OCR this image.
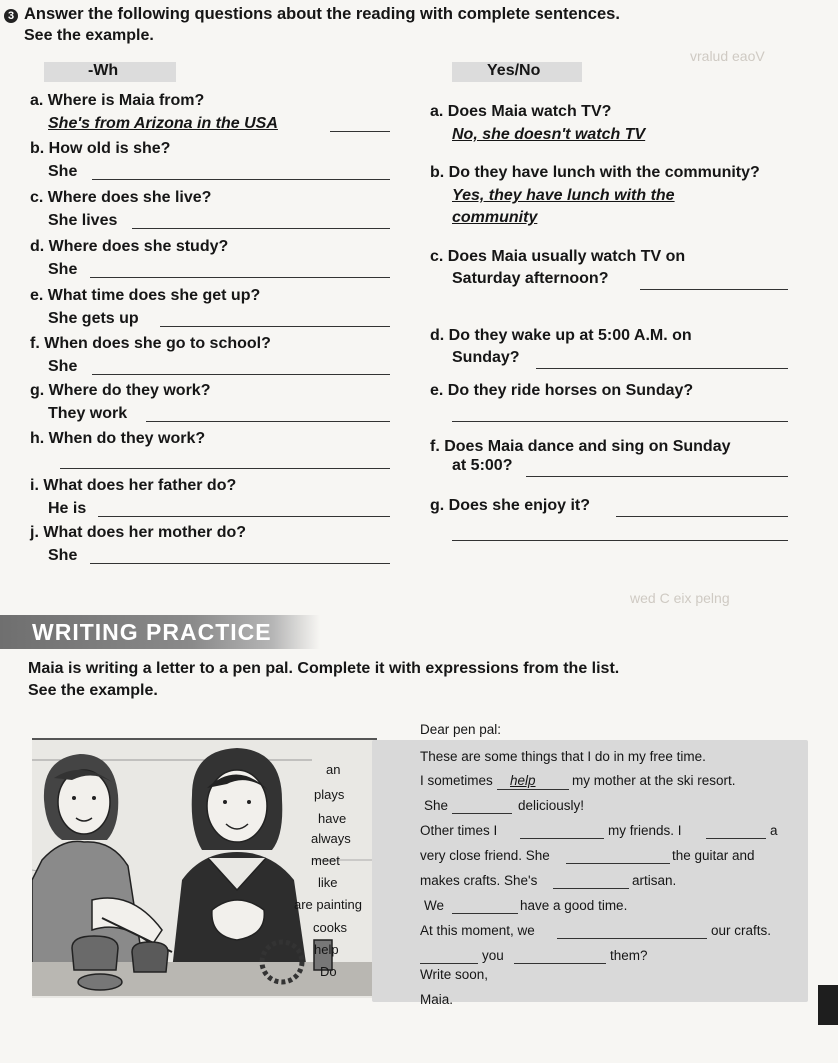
3 Answer the following questions about the reading with complete sentences.
See the example.
-Wh	Yes/No
a. Where is Maia from?
She's from Arizona in the USA
b. How old is she?
She
c. Where does she live?
She lives
d. Where does she study?
She
e. What time does she get up?
She gets up
f. When does she go to school?
She
g. Where do they work?
They work
h. When do they work?
i. What does her father do?
He is
j. What does her mother do?
She
a. Does Maia watch TV?
No, she doesn't watch TV
b. Do they have lunch with the community?
Yes, they have lunch with the
community
c. Does Maia usually watch TV on
Saturday afternoon?
d. Do they wake up at 5:00 A.M. on
Sunday?
e. Do they ride horses on Sunday?
f. Does Maia dance and sing on Sunday
at 5:00?
g. Does she enjoy it?
vralud eaoV
wed C eix pelng
WRITING PRACTICE
Maia is writing a letter to a pen pal. Complete it with expressions from the list.
See the example.
an
plays
have
always
meet
like
are painting
cooks
help
Do
Dear pen pal:
These are some things that I do in my free time.
I sometimes help	my mother at the ski resort.
She	deliciously!
Other times I	my friends. I	a
very close friend. She	the guitar and
makes crafts. She's	artisan.
We	have a good time.
At this moment, we	our crafts.
you	them?
Write soon,
Maia.
